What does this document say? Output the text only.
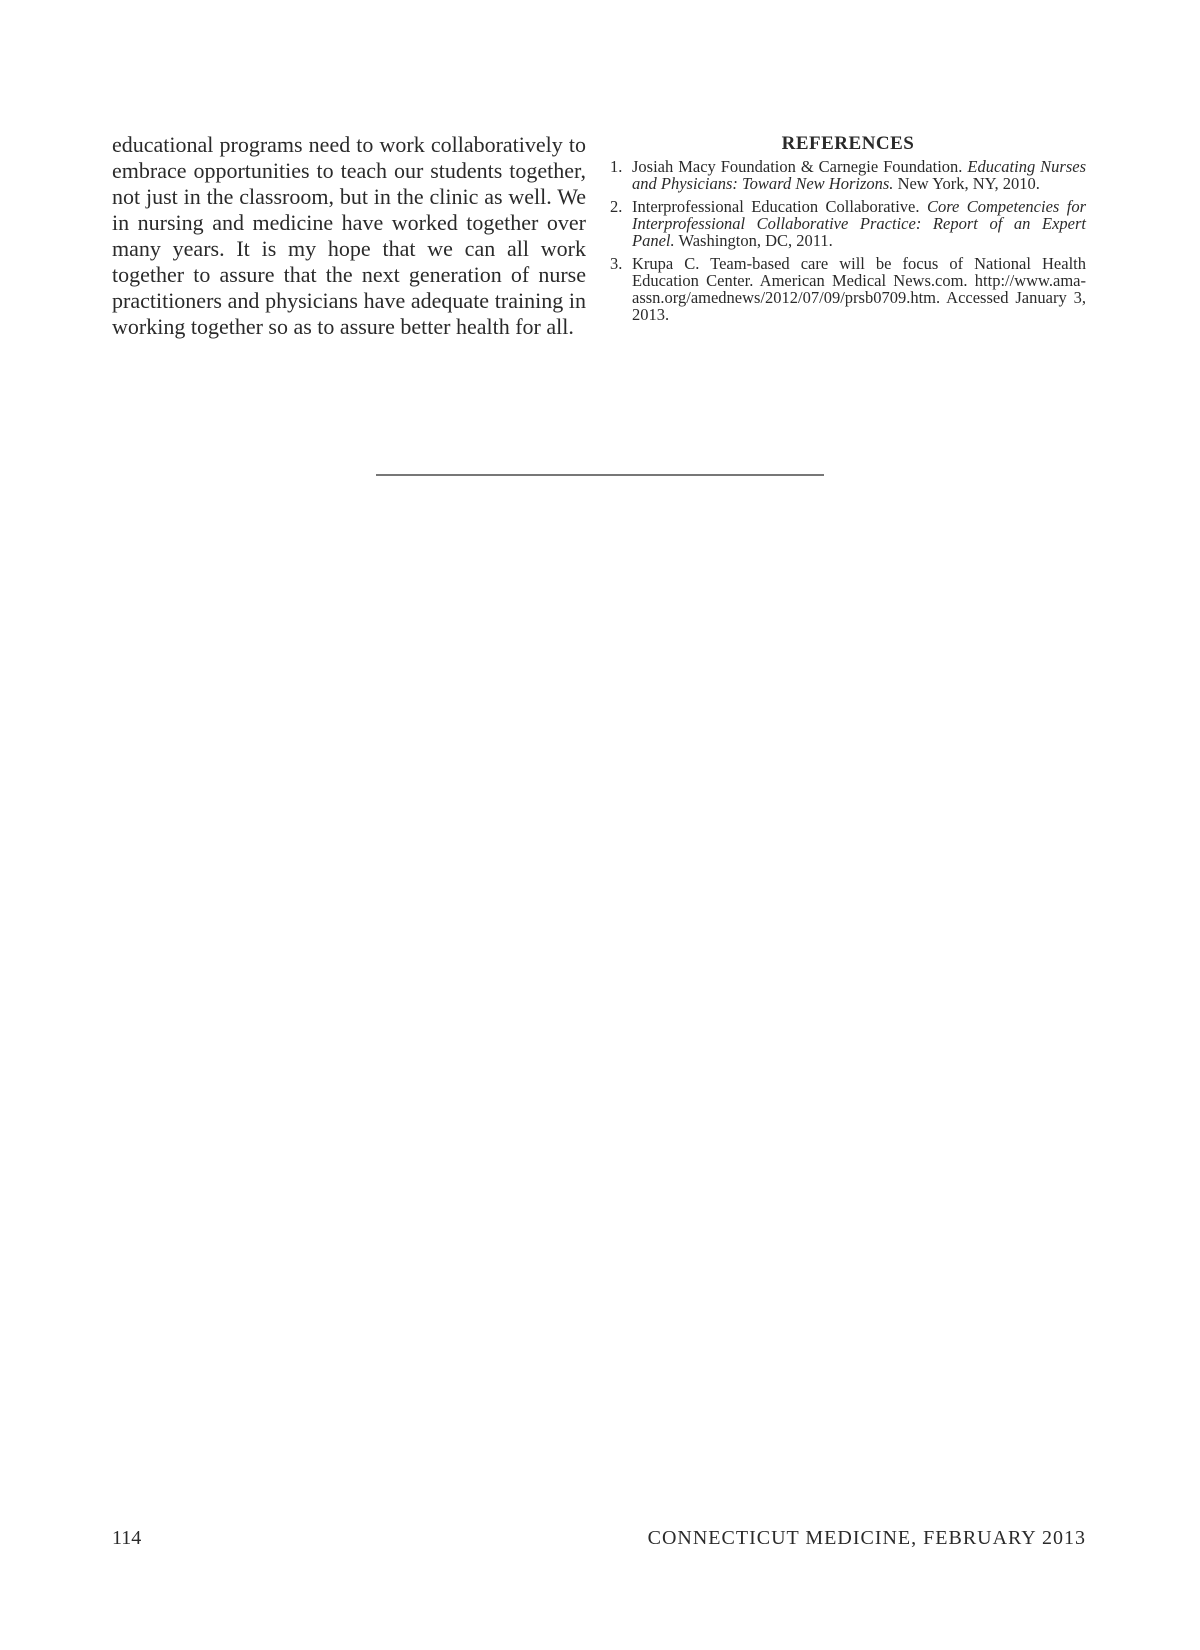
educational programs need to work collaboratively to embrace opportunities to teach our students together, not just in the classroom, but in the clinic as well. We in nursing and medicine have worked together over many years. It is my hope that we can all work together to assure that the next generation of nurse practitioners and physicians have adequate training in working together so as to assure better health for all.

REFERENCES
1. Josiah Macy Foundation & Carnegie Foundation. Educating Nurses and Physicians: Toward New Horizons. New York, NY, 2010.
2. Interprofessional Education Collaborative. Core Competencies for Interprofessional Collaborative Practice: Report of an Expert Panel. Washington, DC, 2011.
3. Krupa C. Team-based care will be focus of National Health Education Center. American Medical News.com. http://www.ama-assn.org/amednews/2012/07/09/prsb0709.htm. Accessed January 3, 2013.
114	CONNECTICUT MEDICINE, FEBRUARY 2013
